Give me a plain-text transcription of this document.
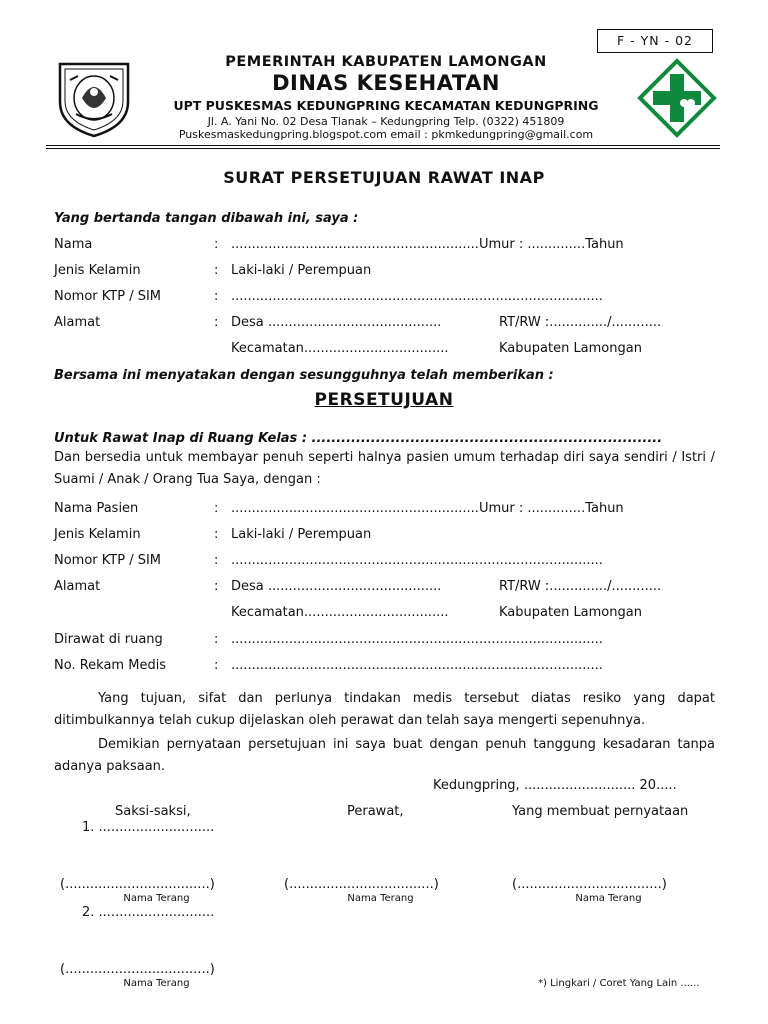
F - YN - 02
PEMERINTAH KABUPATEN LAMONGAN
DINAS KESEHATAN
UPT PUSKESMAS KEDUNGPRING KECAMATAN KEDUNGPRING
Jl. A. Yani No. 02 Desa Tlanak – Kedungpring Telp. (0322) 451809
Puskesmaskedungpring.blogspot.com email : pkmkedungpring@gmail.com
SURAT PERSETUJUAN RAWAT INAP
Yang bertanda tangan dibawah ini, saya :
Nama	: ............................................................Umur : ..............Tahun
Jenis Kelamin	: Laki-laki / Perempuan
Nomor KTP / SIM	: ..........................................................................................
Alamat	: Desa ..........................................	RT/RW :............../............
Kecamatan...................................	Kabupaten Lamongan
Bersama ini menyatakan dengan sesungguhnya telah memberikan :
PERSETUJUAN
Untuk Rawat Inap di Ruang Kelas : .......................................................................
Dan bersedia untuk membayar penuh seperti halnya pasien umum terhadap diri saya sendiri / Istri / Suami / Anak / Orang Tua Saya, dengan :
Nama Pasien	: ............................................................Umur : ..............Tahun
Jenis Kelamin	: Laki-laki / Perempuan
Nomor KTP / SIM	: ..........................................................................................
Alamat	: Desa ..........................................	RT/RW :............../............
Kecamatan...................................	Kabupaten Lamongan
Dirawat di ruang	: ..........................................................................................
No. Rekam Medis	: ..........................................................................................
Yang tujuan, sifat dan perlunya tindakan medis tersebut diatas resiko yang dapat ditimbulkannya telah cukup dijelaskan oleh perawat dan telah saya mengerti sepenuhnya.
Demikian pernyataan persetujuan ini saya buat dengan penuh tanggung kesadaran tanpa adanya paksaan.
Kedungpring, ........................... 20.....
Saksi-saksi,	Perawat,	Yang membuat pernyataan
1. ............................
(...................................)	(...................................)	(...................................)
Nama Terang	Nama Terang	Nama Terang
2. ............................
(...................................)
Nama Terang	*) Lingkari / Coret Yang Lain ......
